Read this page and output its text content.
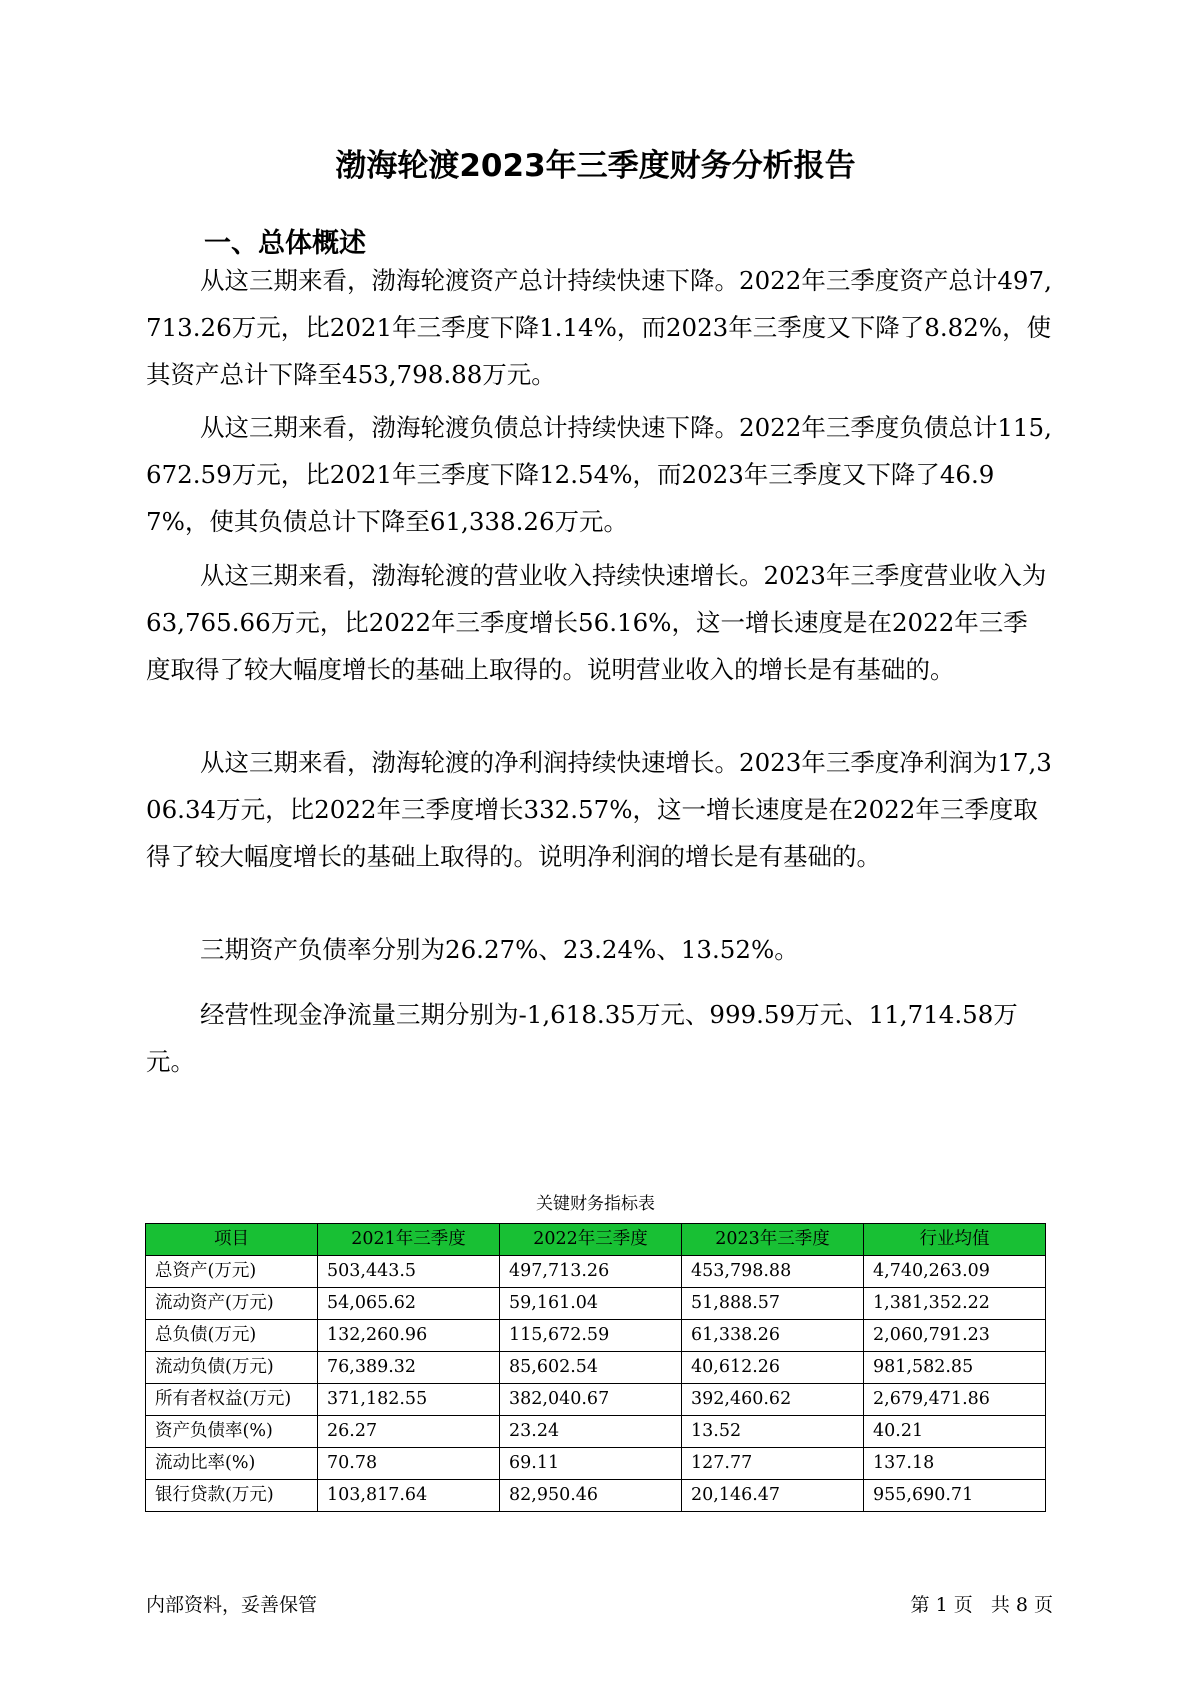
渤海轮渡2023年三季度财务分析报告
一、总体概述

从这三期来看，渤海轮渡资产总计持续快速下降。2022年三季度资产总计497,713.26万元，比2021年三季度下降1.14%，而2023年三季度又下降了8.82%，使其资产总计下降至453,798.88万元。

从这三期来看，渤海轮渡负债总计持续快速下降。2022年三季度负债总计115,672.59万元，比2021年三季度下降12.54%，而2023年三季度又下降了46.97%，使其负债总计下降至61,338.26万元。

从这三期来看，渤海轮渡的营业收入持续快速增长。2023年三季度营业收入为63,765.66万元，比2022年三季度增长56.16%，这一增长速度是在2022年三季度取得了较大幅度增长的基础上取得的。说明营业收入的增长是有基础的。

从这三期来看，渤海轮渡的净利润持续快速增长。2023年三季度净利润为17,306.34万元，比2022年三季度增长332.57%，这一增长速度是在2022年三季度取得了较大幅度增长的基础上取得的。说明净利润的增长是有基础的。

三期资产负债率分别为26.27%、23.24%、13.52%。

经营性现金净流量三期分别为-1,618.35万元、999.59万元、11,714.58万元。

关键财务指标表

项目	2021年三季度	2022年三季度	2023年三季度	行业均值
总资产(万元)	503,443.5	497,713.26	453,798.88	4,740,263.09
流动资产(万元)	54,065.62	59,161.04	51,888.57	1,381,352.22
总负债(万元)	132,260.96	115,672.59	61,338.26	2,060,791.23
流动负债(万元)	76,389.32	85,602.54	40,612.26	981,582.85
所有者权益(万元)	371,182.55	382,040.67	392,460.62	2,679,471.86
资产负债率(%)	26.27	23.24	13.52	40.21
流动比率(%)	70.78	69.11	127.77	137.18
银行贷款(万元)	103,817.64	82,950.46	20,146.47	955,690.71
内部资料，妥善保管	第 1 页   共 8 页
